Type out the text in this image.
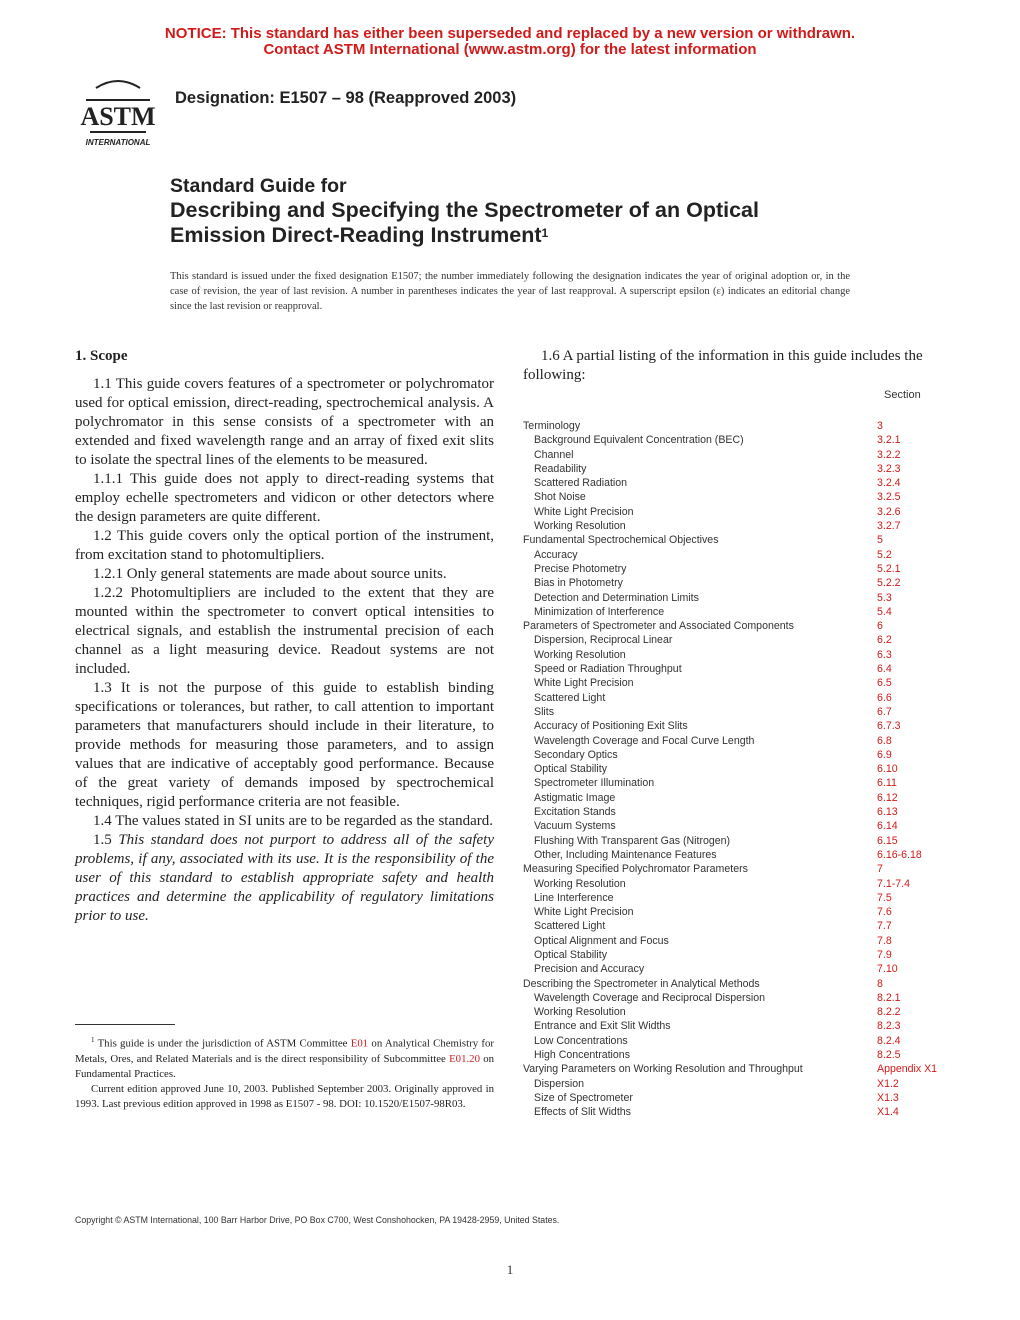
NOTICE: This standard has either been superseded and replaced by a new version or withdrawn.
Contact ASTM International (www.astm.org) for the latest information
ASTM
INTERNATIONAL
Designation: E1507 – 98 (Reapproved 2003)
Standard Guide for
Describing and Specifying the Spectrometer of an Optical
Emission Direct-Reading Instrument$^1$
This standard is issued under the fixed designation E1507; the number immediately following the designation indicates the year of original adoption or, in the case of revision, the year of last revision. A number in parentheses indicates the year of last reapproval. A superscript epsilon (ε) indicates an editorial change since the last revision or reapproval.
1. Scope

1.1 This guide covers features of a spectrometer or polychromator used for optical emission, direct-reading, spectrochemical analysis. A polychromator in this sense consists of a spectrometer with an extended and fixed wavelength range and an array of fixed exit slits to isolate the spectral lines of the elements to be measured.

1.1.1 This guide does not apply to direct-reading systems that employ echelle spectrometers and vidicon or other detectors where the design parameters are quite different.

1.2 This guide covers only the optical portion of the instrument, from excitation stand to photomultipliers.

1.2.1 Only general statements are made about source units.

1.2.2 Photomultipliers are included to the extent that they are mounted within the spectrometer to convert optical intensities to electrical signals, and establish the instrumental precision of each channel as a light measuring device. Readout systems are not included.

1.3 It is not the purpose of this guide to establish binding specifications or tolerances, but rather, to call attention to important parameters that manufacturers should include in their literature, to provide methods for measuring those parameters, and to assign values that are indicative of acceptably good performance. Because of the great variety of demands imposed by spectrochemical techniques, rigid performance criteria are not feasible.

1.4 The values stated in SI units are to be regarded as the standard.

1.5 This standard does not purport to address all of the safety problems, if any, associated with its use. It is the responsibility of the user of this standard to establish appropriate safety and health practices and determine the applicability of regulatory limitations prior to use.

$^1$ This guide is under the jurisdiction of ASTM Committee E01 on Analytical Chemistry for Metals, Ores, and Related Materials and is the direct responsibility of Subcommittee E01.20 on Fundamental Practices.

Current edition approved June 10, 2003. Published September 2003. Originally approved in 1993. Last previous edition approved in 1998 as E1507 - 98. DOI: 10.1520/E1507-98R03.

1.6 A partial listing of the information in this guide includes the following:

Section
Terminology	3
Background Equivalent Concentration (BEC)	3.2.1
Channel	3.2.2
Readability	3.2.3
Scattered Radiation	3.2.4
Shot Noise	3.2.5
White Light Precision	3.2.6
Working Resolution	3.2.7
Fundamental Spectrochemical Objectives	5
Accuracy	5.2
Precise Photometry	5.2.1
Bias in Photometry	5.2.2
Detection and Determination Limits	5.3
Minimization of Interference	5.4
Parameters of Spectrometer and Associated Components	6
Dispersion, Reciprocal Linear	6.2
Working Resolution	6.3
Speed or Radiation Throughput	6.4
White Light Precision	6.5
Scattered Light	6.6
Slits	6.7
Accuracy of Positioning Exit Slits	6.7.3
Wavelength Coverage and Focal Curve Length	6.8
Secondary Optics	6.9
Optical Stability	6.10
Spectrometer Illumination	6.11
Astigmatic Image	6.12
Excitation Stands	6.13
Vacuum Systems	6.14
Flushing With Transparent Gas (Nitrogen)	6.15
Other, Including Maintenance Features	6.16-6.18
Measuring Specified Polychromator Parameters	7
Working Resolution	7.1-7.4
Line Interference	7.5
White Light Precision	7.6
Scattered Light	7.7
Optical Alignment and Focus	7.8
Optical Stability	7.9
Precision and Accuracy	7.10
Describing the Spectrometer in Analytical Methods	8
Wavelength Coverage and Reciprocal Dispersion	8.2.1
Working Resolution	8.2.2
Entrance and Exit Slit Widths	8.2.3
Low Concentrations	8.2.4
High Concentrations	8.2.5
Varying Parameters on Working Resolution and Throughput	Appendix X1
Dispersion	X1.2
Size of Spectrometer	X1.3
Effects of Slit Widths	X1.4
Copyright © ASTM International, 100 Barr Harbor Drive, PO Box C700, West Conshohocken, PA 19428-2959, United States.
1
